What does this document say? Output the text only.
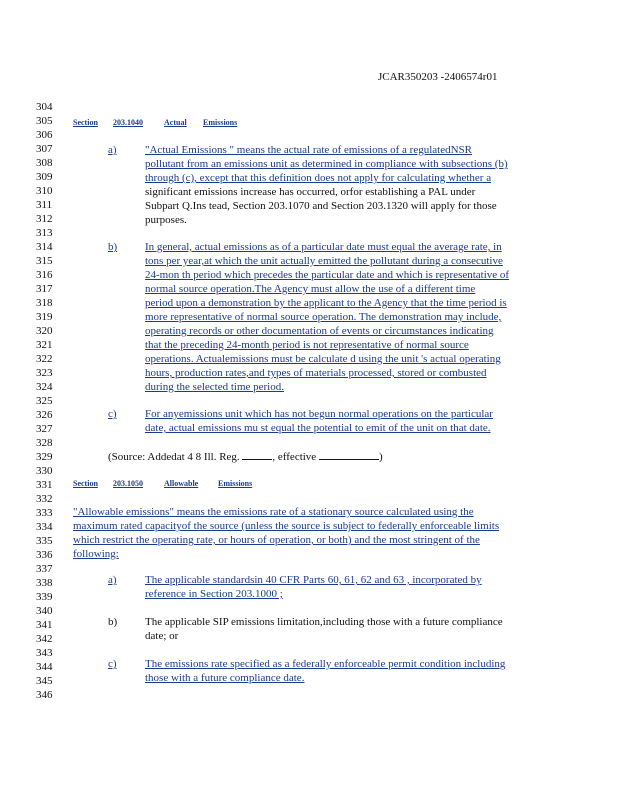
JCAR350203 -2406574r01
304
305
306
307
308
309
310
311
312
313
314
315
316
317
318
319
320
321
322
323
324
325
326
327
328
329
330
331
332
333
334
335
336
337
338
339
340
341
342
343
344
345
346
Section 203.1040	Actual Emissions
a)	"Actual Emissions " means the actual rate of emissions of a regulatedNSR
pollutant from an emissions unit as determined in compliance with subsections (b)
through (c), except that this definition does not apply for calculating whether a
significant emissions increase has occurred, orfor establishing a PAL under
Subpart Q.Ins tead, Section 203.1070 and Section 203.1320 will apply for those
purposes.
b)	In general, actual emissions as of a particular date must equal the average rate, in
tons per year,at which the unit actually emitted the pollutant during a consecutive
24-mon th period which precedes the particular date and which is representative of
normal source operation.The Agency must allow the use of a different time
period upon a demonstration by the applicant to the Agency that the time period is
more representative of normal source operation. The demonstration may include,
operating records or other documentation of events or circumstances indicating
that the preceding 24-month period is not representative of normal source
operations. Actualemissions must be calculate d using the unit 's actual operating
hours, production rates,and types of materials processed, stored or combusted
during the selected time period.
c)	For anyemissions unit which has not begun normal operations on the particular
date, actual emissions mu st equal the potential to emit of the unit on that date.
(Source: Addedat 4 8 Ill. Reg.	, effective	)
Section 203.1050	Allowable Emissions
"Allowable emissions" means the emissions rate of a stationary source calculated using the
maximum rated capacityof the source (unless the source is subject to federally enforceable limits
which restrict the operating rate, or hours of operation, or both) and the most stringent of the
following:
a)	The applicable standardsin 40 CFR Parts 60, 61, 62 and 63 , incorporated by
reference in Section 203.1000 ;
b)	The applicable SIP emissions limitation,including those with a future compliance
date; or
c)	The emissions rate specified as a federally enforceable permit condition including
those with a future compliance date.
